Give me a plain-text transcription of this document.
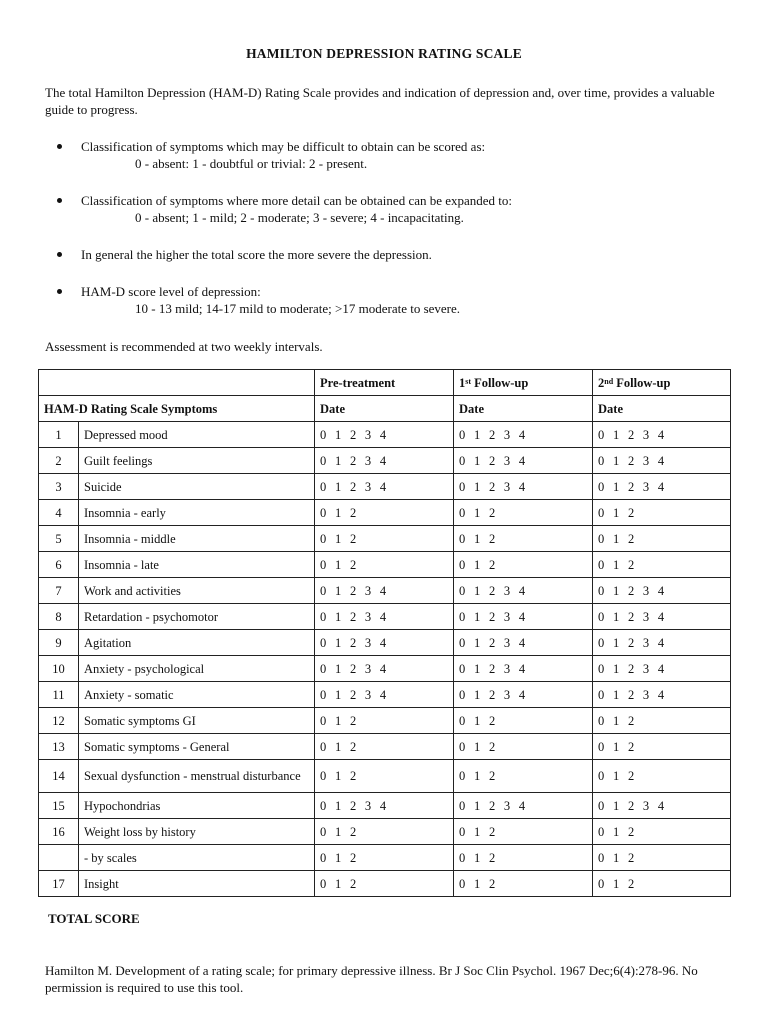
HAMILTON DEPRESSION RATING SCALE
The total Hamilton Depression (HAM-D) Rating Scale provides and indication of depression and, over time, provides a valuable guide to progress.
Classification of symptoms which may be difficult to obtain can be scored as:
0 - absent: 1 - doubtful or trivial: 2 - present.
Classification of symptoms where more detail can be obtained can be expanded to:
0 - absent; 1 - mild; 2 - moderate; 3 - severe; 4 - incapacitating.
In general the higher the total score the more severe the depression.
HAM-D score level of depression:
10 - 13 mild; 14-17 mild to moderate; >17 moderate to severe.
Assessment is recommended at two weekly intervals.
		Pre-treatment	1st Follow-up	2nd Follow-up
HAM-D Rating Scale Symptoms		Date	Date	Date
1	Depressed mood	0 1 2 3 4	0 1 2 3 4	0 1 2 3 4
2	Guilt feelings	0 1 2 3 4	0 1 2 3 4	0 1 2 3 4
3	Suicide	0 1 2 3 4	0 1 2 3 4	0 1 2 3 4
4	Insomnia - early	0 1 2	0 1 2	0 1 2
5	Insomnia - middle	0 1 2	0 1 2	0 1 2
6	Insomnia - late	0 1 2	0 1 2	0 1 2
7	Work and activities	0 1 2 3 4	0 1 2 3 4	0 1 2 3 4
8	Retardation - psychomotor	0 1 2 3 4	0 1 2 3 4	0 1 2 3 4
9	Agitation	0 1 2 3 4	0 1 2 3 4	0 1 2 3 4
10	Anxiety - psychological	0 1 2 3 4	0 1 2 3 4	0 1 2 3 4
11	Anxiety - somatic	0 1 2 3 4	0 1 2 3 4	0 1 2 3 4
12	Somatic symptoms GI	0 1 2	0 1 2	0 1 2
13	Somatic symptoms - General	0 1 2	0 1 2	0 1 2
14	Sexual dysfunction - menstrual disturbance	0 1 2	0 1 2	0 1 2
15	Hypochondrias	0 1 2 3 4	0 1 2 3 4	0 1 2 3 4
16	Weight loss by history	0 1 2	0 1 2	0 1 2
	- by scales	0 1 2	0 1 2	0 1 2
17	Insight	0 1 2	0 1 2	0 1 2
TOTAL SCORE
Hamilton M. Development of a rating scale; for primary depressive illness. Br J Soc Clin Psychol. 1967 Dec;6(4):278-96. No permission is required to use this tool.
